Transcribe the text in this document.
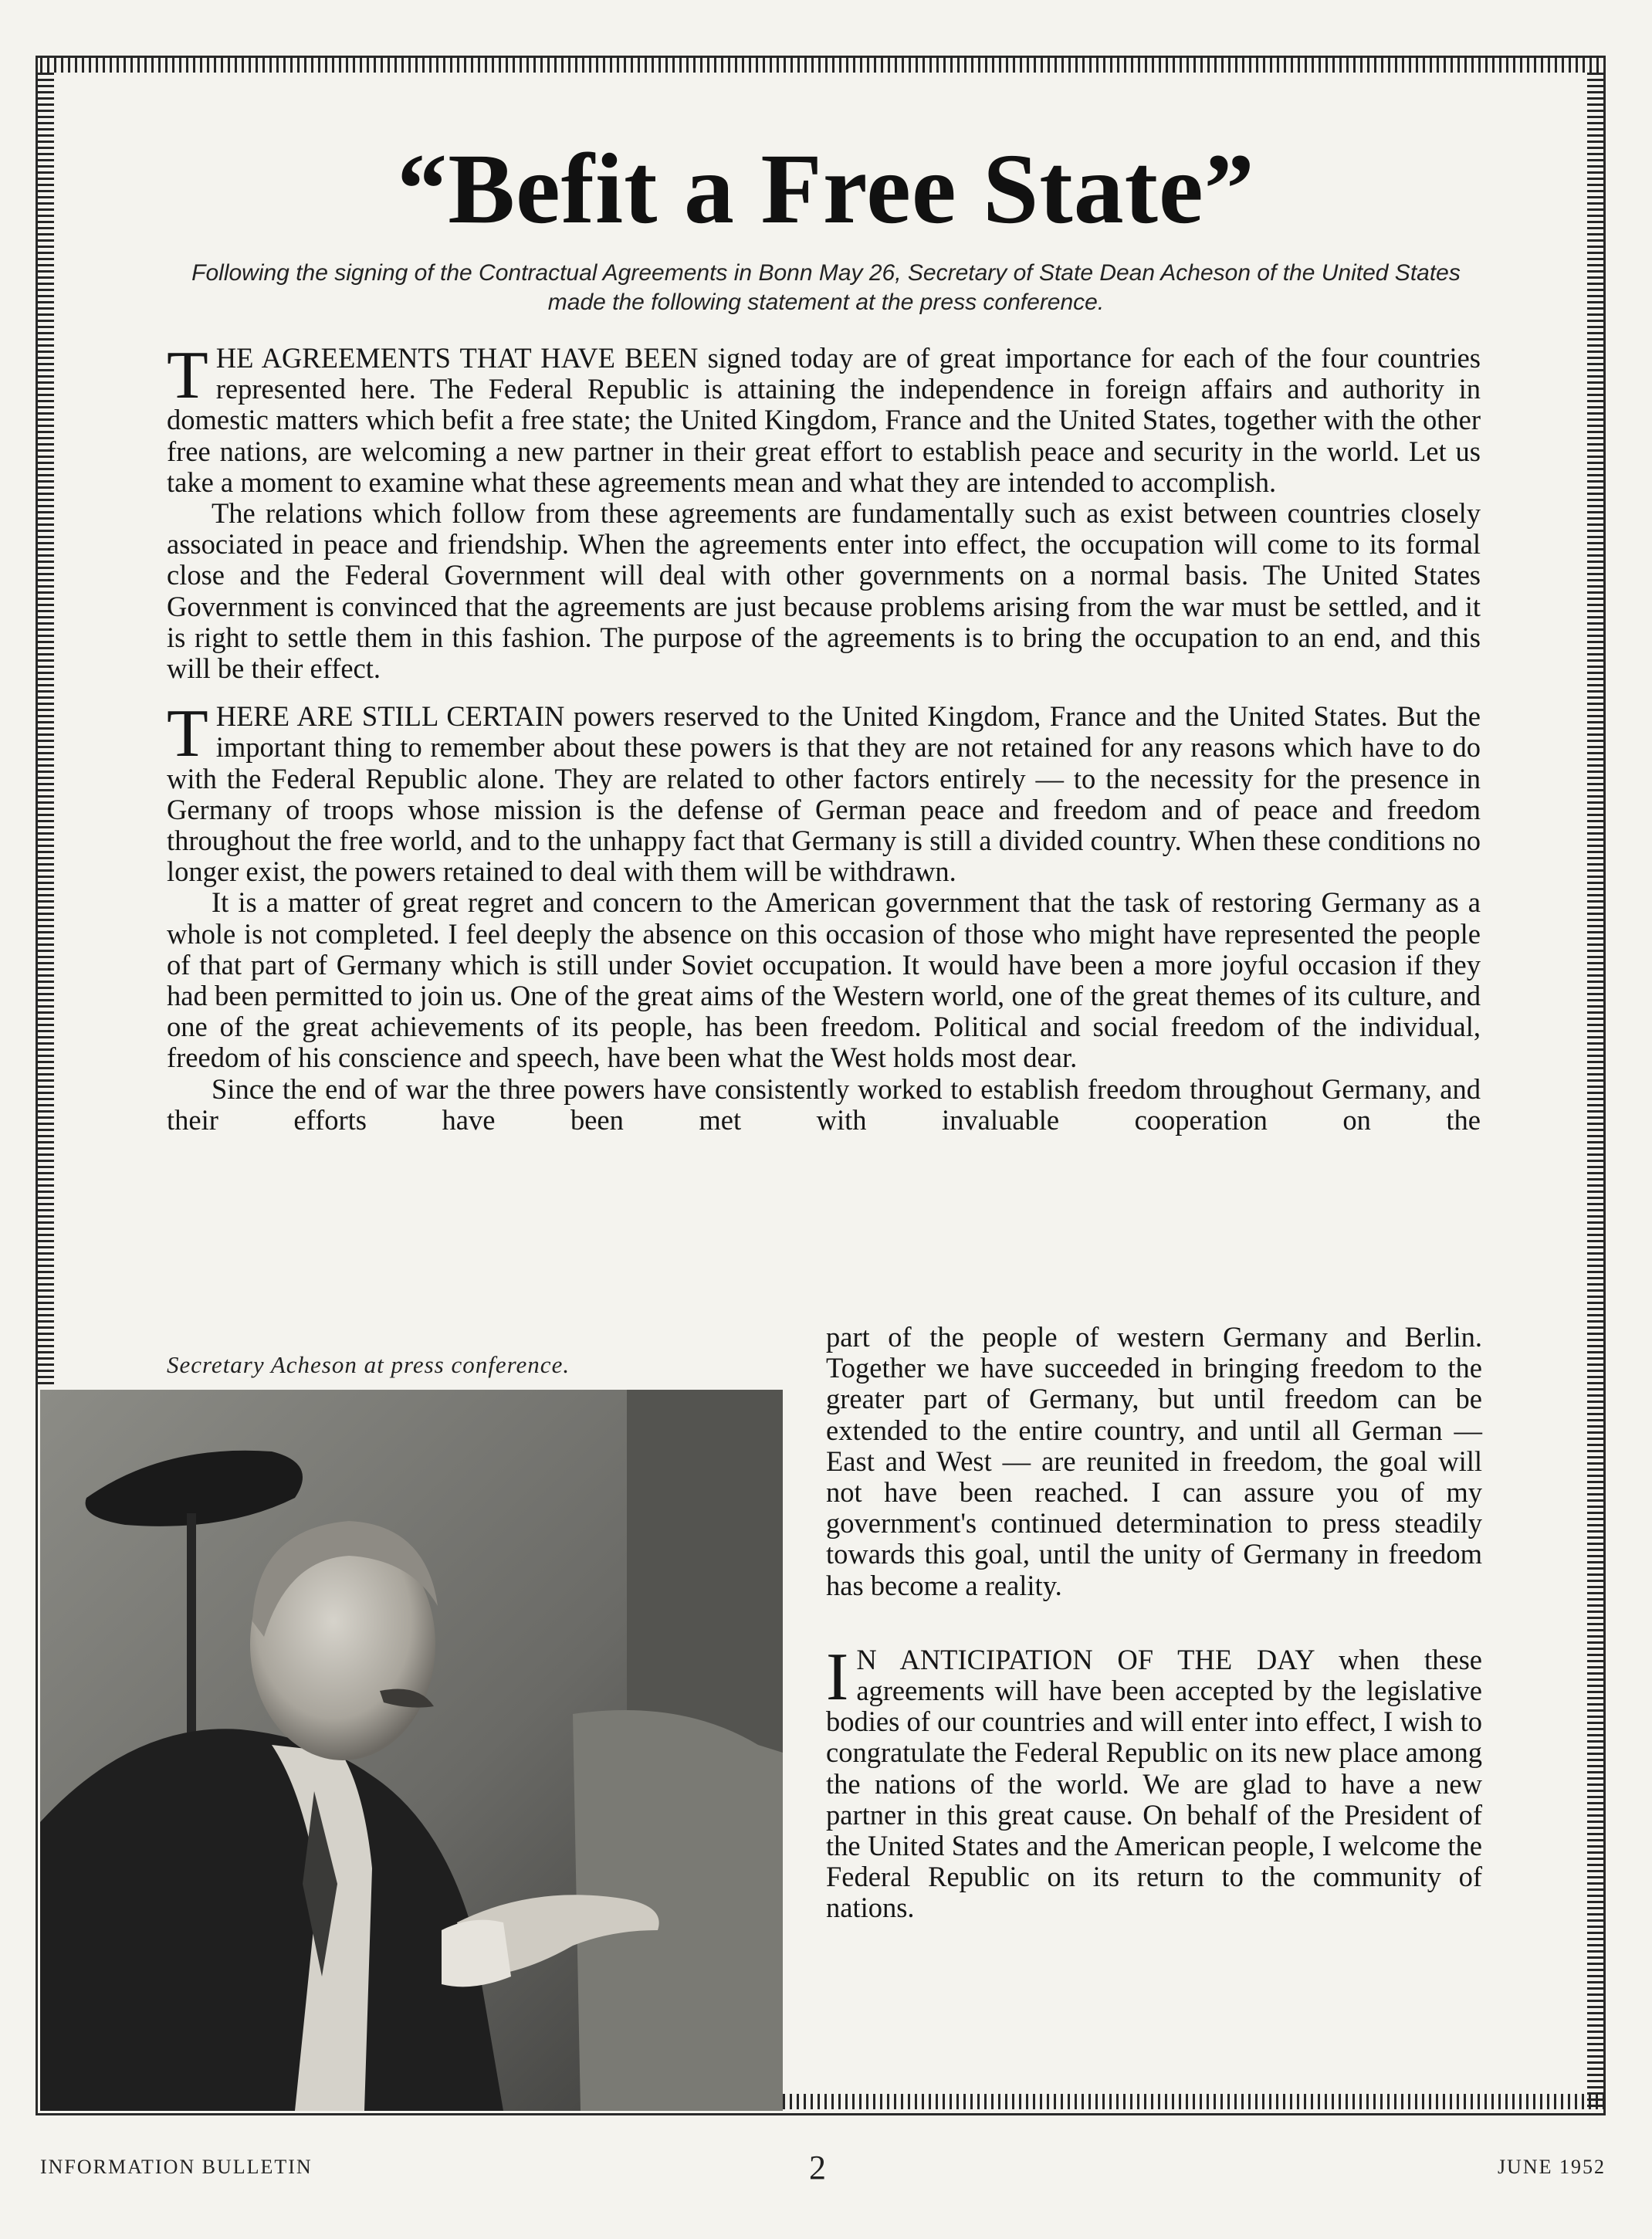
“Befit a Free State”

Following the signing of the Contractual Agreements in Bonn May 26, Secretary of State Dean Acheson of the United States made the following statement at the press conference.

THE AGREEMENTS THAT HAVE BEEN signed today are of great importance for each of the four countries represented here. The Federal Republic is attaining the independence in foreign affairs and authority in domestic matters which befit a free state; the United Kingdom, France and the United States, together with the other free nations, are welcoming a new partner in their great effort to establish peace and security in the world. Let us take a moment to examine what these agreements mean and what they are intended to accomplish.

The relations which follow from these agreements are fundamentally such as exist between countries closely associated in peace and friendship. When the agreements enter into effect, the occupation will come to its formal close and the Federal Government will deal with other governments on a normal basis. The United States Government is convinced that the agreements are just because problems arising from the war must be settled, and it is right to settle them in this fashion. The purpose of the agreements is to bring the occupation to an end, and this will be their effect.

THERE ARE STILL CERTAIN powers reserved to the United Kingdom, France and the United States. But the important thing to remember about these powers is that they are not retained for any reasons which have to do with the Federal Republic alone. They are related to other factors entirely — to the necessity for the presence in Germany of troops whose mission is the defense of German peace and freedom and of peace and freedom throughout the free world, and to the unhappy fact that Germany is still a divided country. When these conditions no longer exist, the powers retained to deal with them will be withdrawn.

It is a matter of great regret and concern to the American government that the task of restoring Germany as a whole is not completed. I feel deeply the absence on this occasion of those who might have represented the people of that part of Germany which is still under Soviet occupation. It would have been a more joyful occasion if they had been permitted to join us. One of the great aims of the Western world, one of the great themes of its culture, and one of the great achievements of its people, has been freedom. Political and social freedom of the individual, freedom of his conscience and speech, have been what the West holds most dear.

Since the end of war the three powers have consistently worked to establish freedom throughout Germany, and their efforts have been met with invaluable cooperation on the

part of the people of western Germany and Berlin. Together we have succeeded in bringing freedom to the greater part of Germany, but until freedom can be extended to the entire country, and until all German — East and West — are reunited in freedom, the goal will not have been reached. I can assure you of my government's continued determination to press steadily towards this goal, until the unity of Germany in freedom has become a reality.

I N ANTICIPATION OF THE DAY when these agreements will have been accepted by the legislative bodies of our countries and will enter into effect, I wish to congratulate the Federal Republic on its new place among the nations of the world. We are glad to have a new partner in this great cause. On behalf of the President of the United States and the American people, I welcome the Federal Republic on its return to the community of nations.

Secretary Acheson at press conference.

INFORMATION BULLETIN	2	JUNE 1952
